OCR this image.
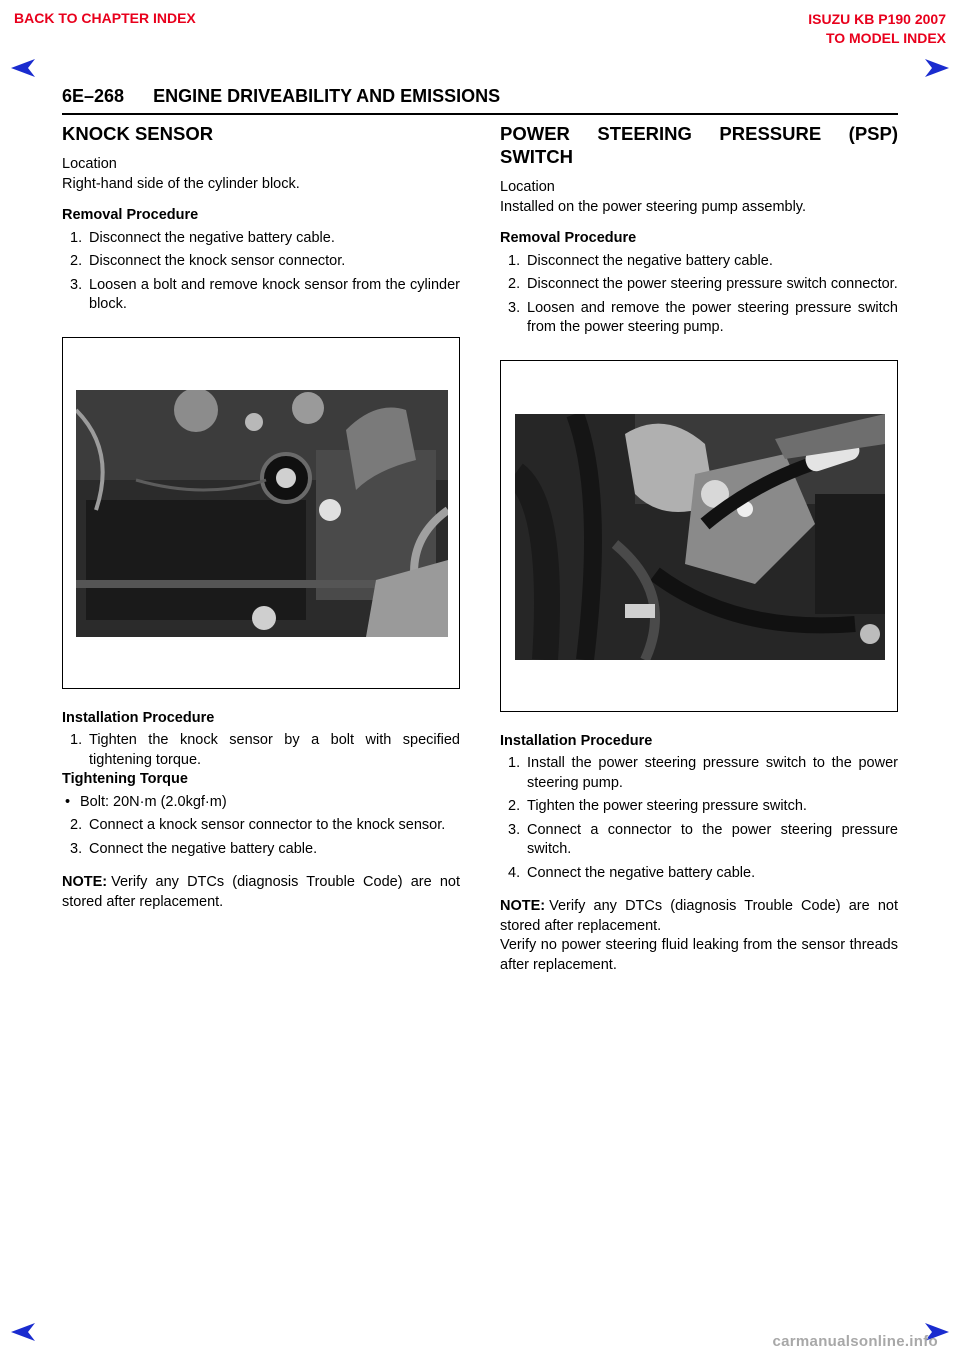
BACK TO CHAPTER INDEX	ISUZU KB P190 2007
TO MODEL INDEX
6E–268 ENGINE DRIVEABILITY AND EMISSIONS
KNOCK SENSOR

Location

Right-hand side of the cylinder block.

Removal Procedure

1. Disconnect the negative battery cable.
2. Disconnect the knock sensor connector.
3. Loosen a bolt and remove knock sensor from the cylinder block.

Installation Procedure

1. Tighten the knock sensor by a bolt with specified tightening torque.

Tightening Torque

• Bolt: 20N·m (2.0kgf·m)

2. Connect a knock sensor connector to the knock sensor.
3. Connect the negative battery cable.

NOTE: Verify any DTCs (diagnosis Trouble Code) are not stored after replacement.

POWER STEERING PRESSURE (PSP) SWITCH

Location

Installed on the power steering pump assembly.

Removal Procedure

1. Disconnect the negative battery cable.
2. Disconnect the power steering pressure switch connector.
3. Loosen and remove the power steering pressure switch from the power steering pump.

Installation Procedure

1. Install the power steering pressure switch to the power steering pump.
2. Tighten the power steering pressure switch.
3. Connect a connector to the power steering pressure switch.
4. Connect the negative battery cable.

NOTE: Verify any DTCs (diagnosis Trouble Code) are not stored after replacement.

Verify no power steering fluid leaking from the sensor threads after replacement.

carmanualsonline.info
